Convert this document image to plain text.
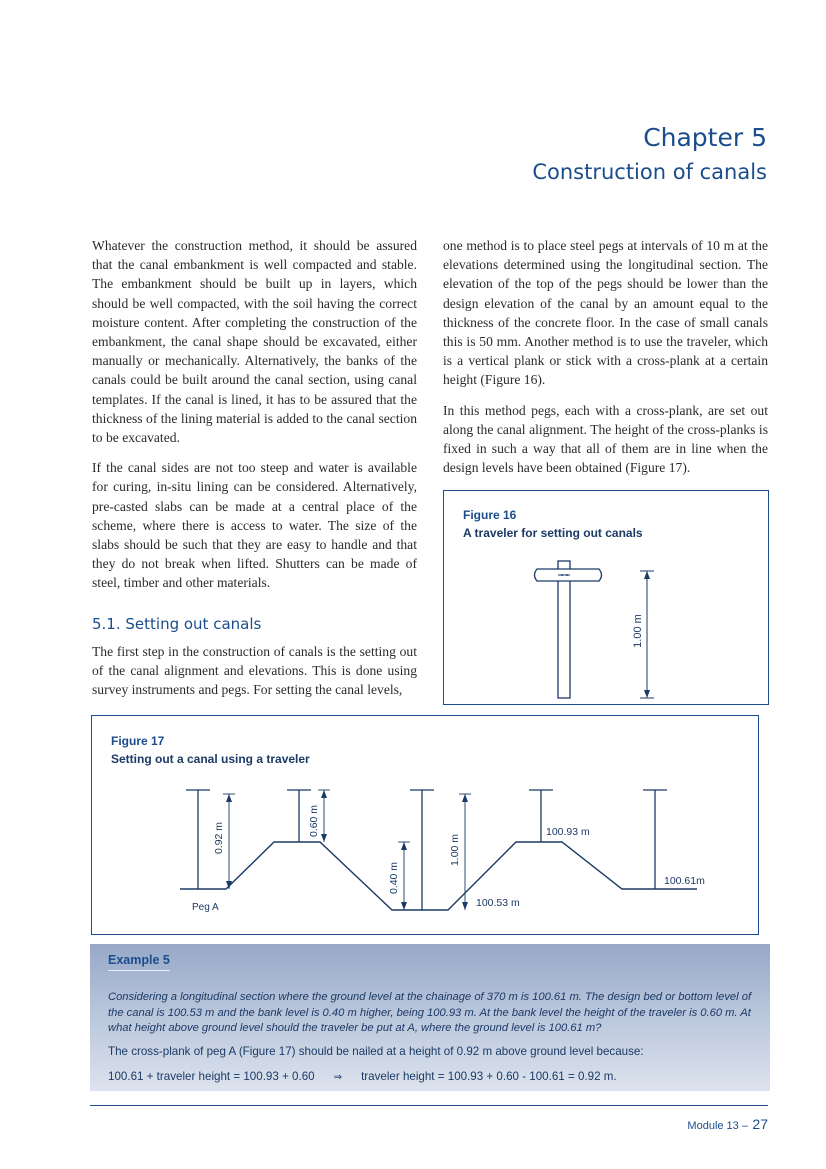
Chapter 5
Construction of canals

Whatever the construction method, it should be assured that the canal embankment is well compacted and stable. The embankment should be built up in layers, which should be well compacted, with the soil having the correct moisture content. After completing the construction of the embankment, the canal shape should be excavated, either manually or mechanically. Alternatively, the banks of the canals could be built around the canal section, using canal templates. If the canal is lined, it has to be assured that the thickness of the lining material is added to the canal section to be excavated.

If the canal sides are not too steep and water is available for curing, in-situ lining can be considered. Alternatively, pre-casted slabs can be made at a central place of the scheme, where there is access to water. The size of the slabs should be such that they are easy to handle and that they do not break when lifted. Shutters can be made of steel, timber and other materials.

5.1. Setting out canals

The first step in the construction of canals is the setting out of the canal alignment and elevations. This is done using survey instruments and pegs. For setting the canal levels,

one method is to place steel pegs at intervals of 10 m at the elevations determined using the longitudinal section. The elevation of the top of the pegs should be lower than the design elevation of the canal by an amount equal to the thickness of the concrete floor. In the case of small canals this is 50 mm. Another method is to use the traveler, which is a vertical plank or stick with a cross-plank at a certain height (Figure 16).

In this method pegs, each with a cross-plank, are set out along the canal alignment. The height of the cross-planks is fixed in such a way that all of them are in line when the design levels have been obtained (Figure 17).

Figure 16
A traveler for setting out canals
1.00 m
Figure 17
Setting out a canal using a traveler
0.92 m
0.60 m
0.40 m
1.00 m
100.93 m
100.61m
100.53 m
Peg A
Example 5
Considering a longitudinal section where the ground level at the chainage of 370 m is 100.61 m. The design bed or bottom level of the canal is 100.53 m and the bank level is 0.40 m higher, being 100.93 m. At the bank level the height of the traveler is 0.60 m. At what height above ground level should the traveler be put at A, where the ground level is 100.61 m?
The cross-plank of peg A (Figure 17) should be nailed at a height of 0.92 m above ground level because:
100.61 + traveler height = 100.93 + 0.60 ⇒ traveler height = 100.93 + 0.60 - 100.61 = 0.92 m.
Module 13 – 27
